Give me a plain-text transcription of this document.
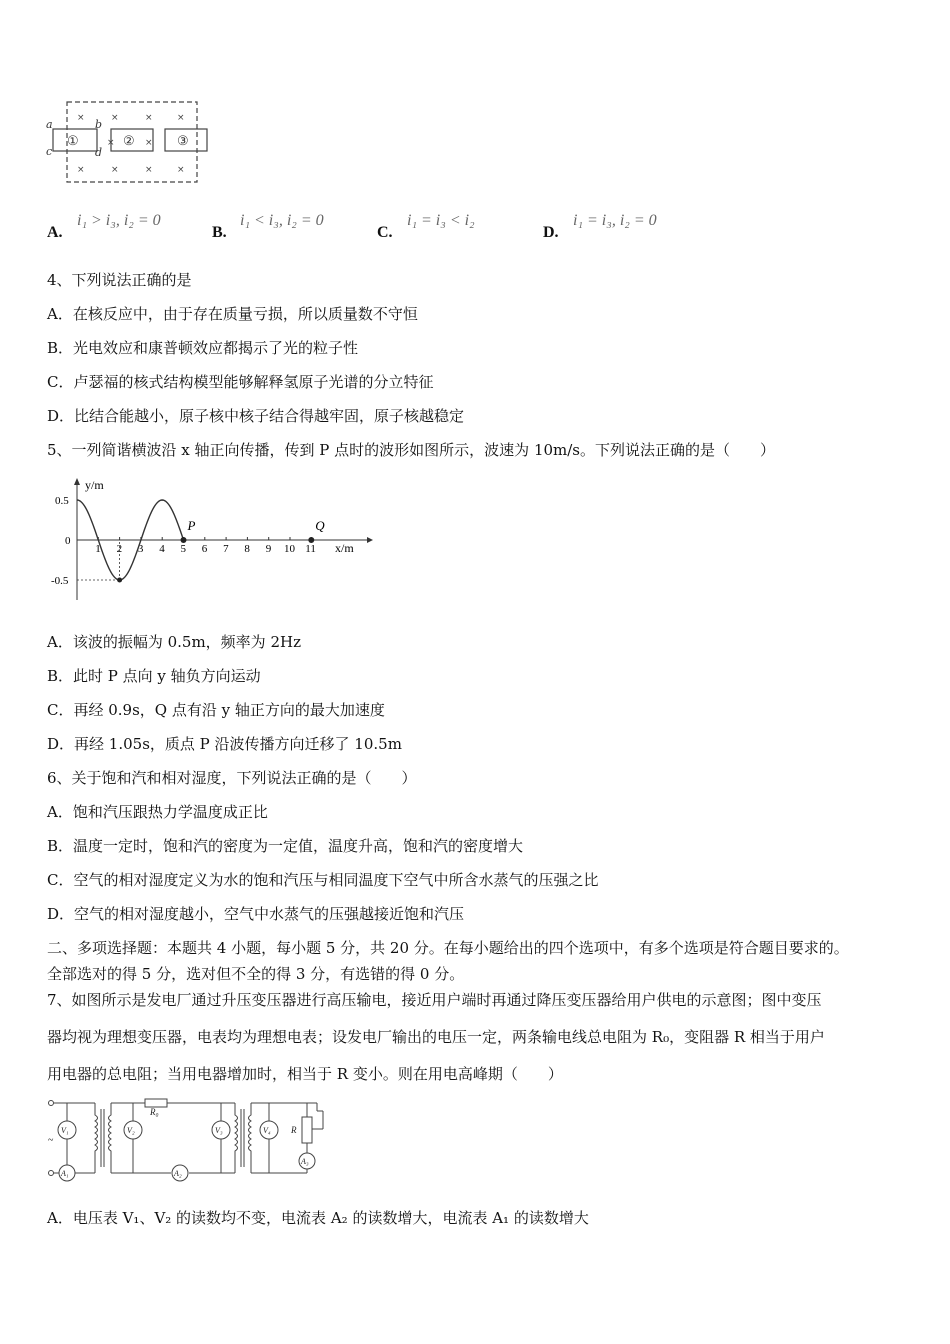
×	×	×	×
×	×	×	×
×	×
①	②	③
a	b
c	d
A.
i₁ > i₃, i₂ = 0
B.
i₁ < i₃, i₂ = 0
C.
i₁ = i₃ < i₂
D.
i₁ = i₃, i₂ = 0
4、下列说法正确的是
A．在核反应中，由于存在质量亏损，所以质量数不守恒
B．光电效应和康普顿效应都揭示了光的粒子性
C．卢瑟福的核式结构模型能够解释氢原子光谱的分立特征
D．比结合能越小，原子核中核子结合得越牢固，原子核越稳定
5、一列简谐横波沿 x 轴正向传播，传到 P 点时的波形如图所示，波速为 10m/s。下列说法正确的是（　　）
y/m
x/m
1 2 3 4 5 6 7 8 9 10 11
0.5
0
-0.5
P	Q
A．该波的振幅为 0.5m，频率为 2Hz
B．此时 P 点向 y 轴负方向运动
C．再经 0.9s，Q 点有沿 y 轴正方向的最大加速度
D．再经 1.05s，质点 P 沿波传播方向迁移了 10.5m
6、关于饱和汽和相对湿度，下列说法正确的是（　　）
A．饱和汽压跟热力学温度成正比
B．温度一定时，饱和汽的密度为一定值，温度升高，饱和汽的密度增大
C．空气的相对湿度定义为水的饱和汽压与相同温度下空气中所含水蒸气的压强之比
D．空气的相对湿度越小，空气中水蒸气的压强越接近饱和汽压
二、多项选择题：本题共 4 小题，每小题 5 分，共 20 分。在每小题给出的四个选项中，有多个选项是符合题目要求的。
全部选对的得 5 分，选对但不全的得 3 分，有选错的得 0 分。
7、如图所示是发电厂通过升压变压器进行高压输电，接近用户端时再通过降压变压器给用户供电的示意图；图中变压
器均视为理想变压器，电表均为理想电表；设发电厂输出的电压一定，两条输电线总电阻为 R₀，变阻器 R 相当于用户
用电器的总电阻；当用电器增加时，相当于 R 变小。则在用电高峰期（　　）
V₁	V₂	V₃	V₄
A₁	A₂
A₃
R₀
R
~
A．电压表 V₁、V₂ 的读数均不变，电流表 A₂ 的读数增大，电流表 A₁ 的读数增大
